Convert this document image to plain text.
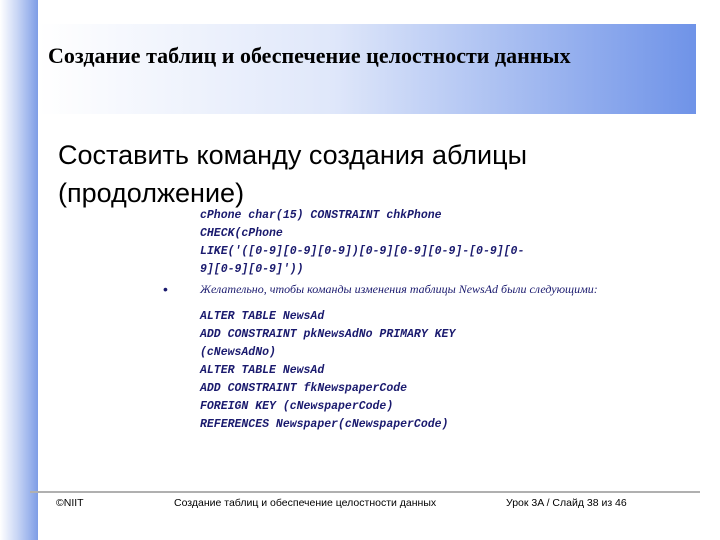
Создание таблиц и обеспечение целостности данных

Составить команду создания аблицы (продолжение)

cPhone char(15) CONSTRAINT chkPhone
CHECK(cPhone
LIKE('([0-9][0-9][0-9])[0-9][0-9][0-9]-[0-9][0-
9][0-9][0-9]'))
•	Желательно, чтобы команды изменения таблицы NewsAd были следующими:

ALTER TABLE NewsAd
ADD CONSTRAINT pkNewsAdNo PRIMARY KEY
(cNewsAdNo)
ALTER TABLE NewsAd
ADD CONSTRAINT fkNewspaperCode
FOREIGN KEY (cNewspaperCode)
REFERENCES Newspaper(cNewspaperCode)
©NIIT	Создание таблиц и обеспечение целостности данных	Урок 3A / Слайд 38 из 46
